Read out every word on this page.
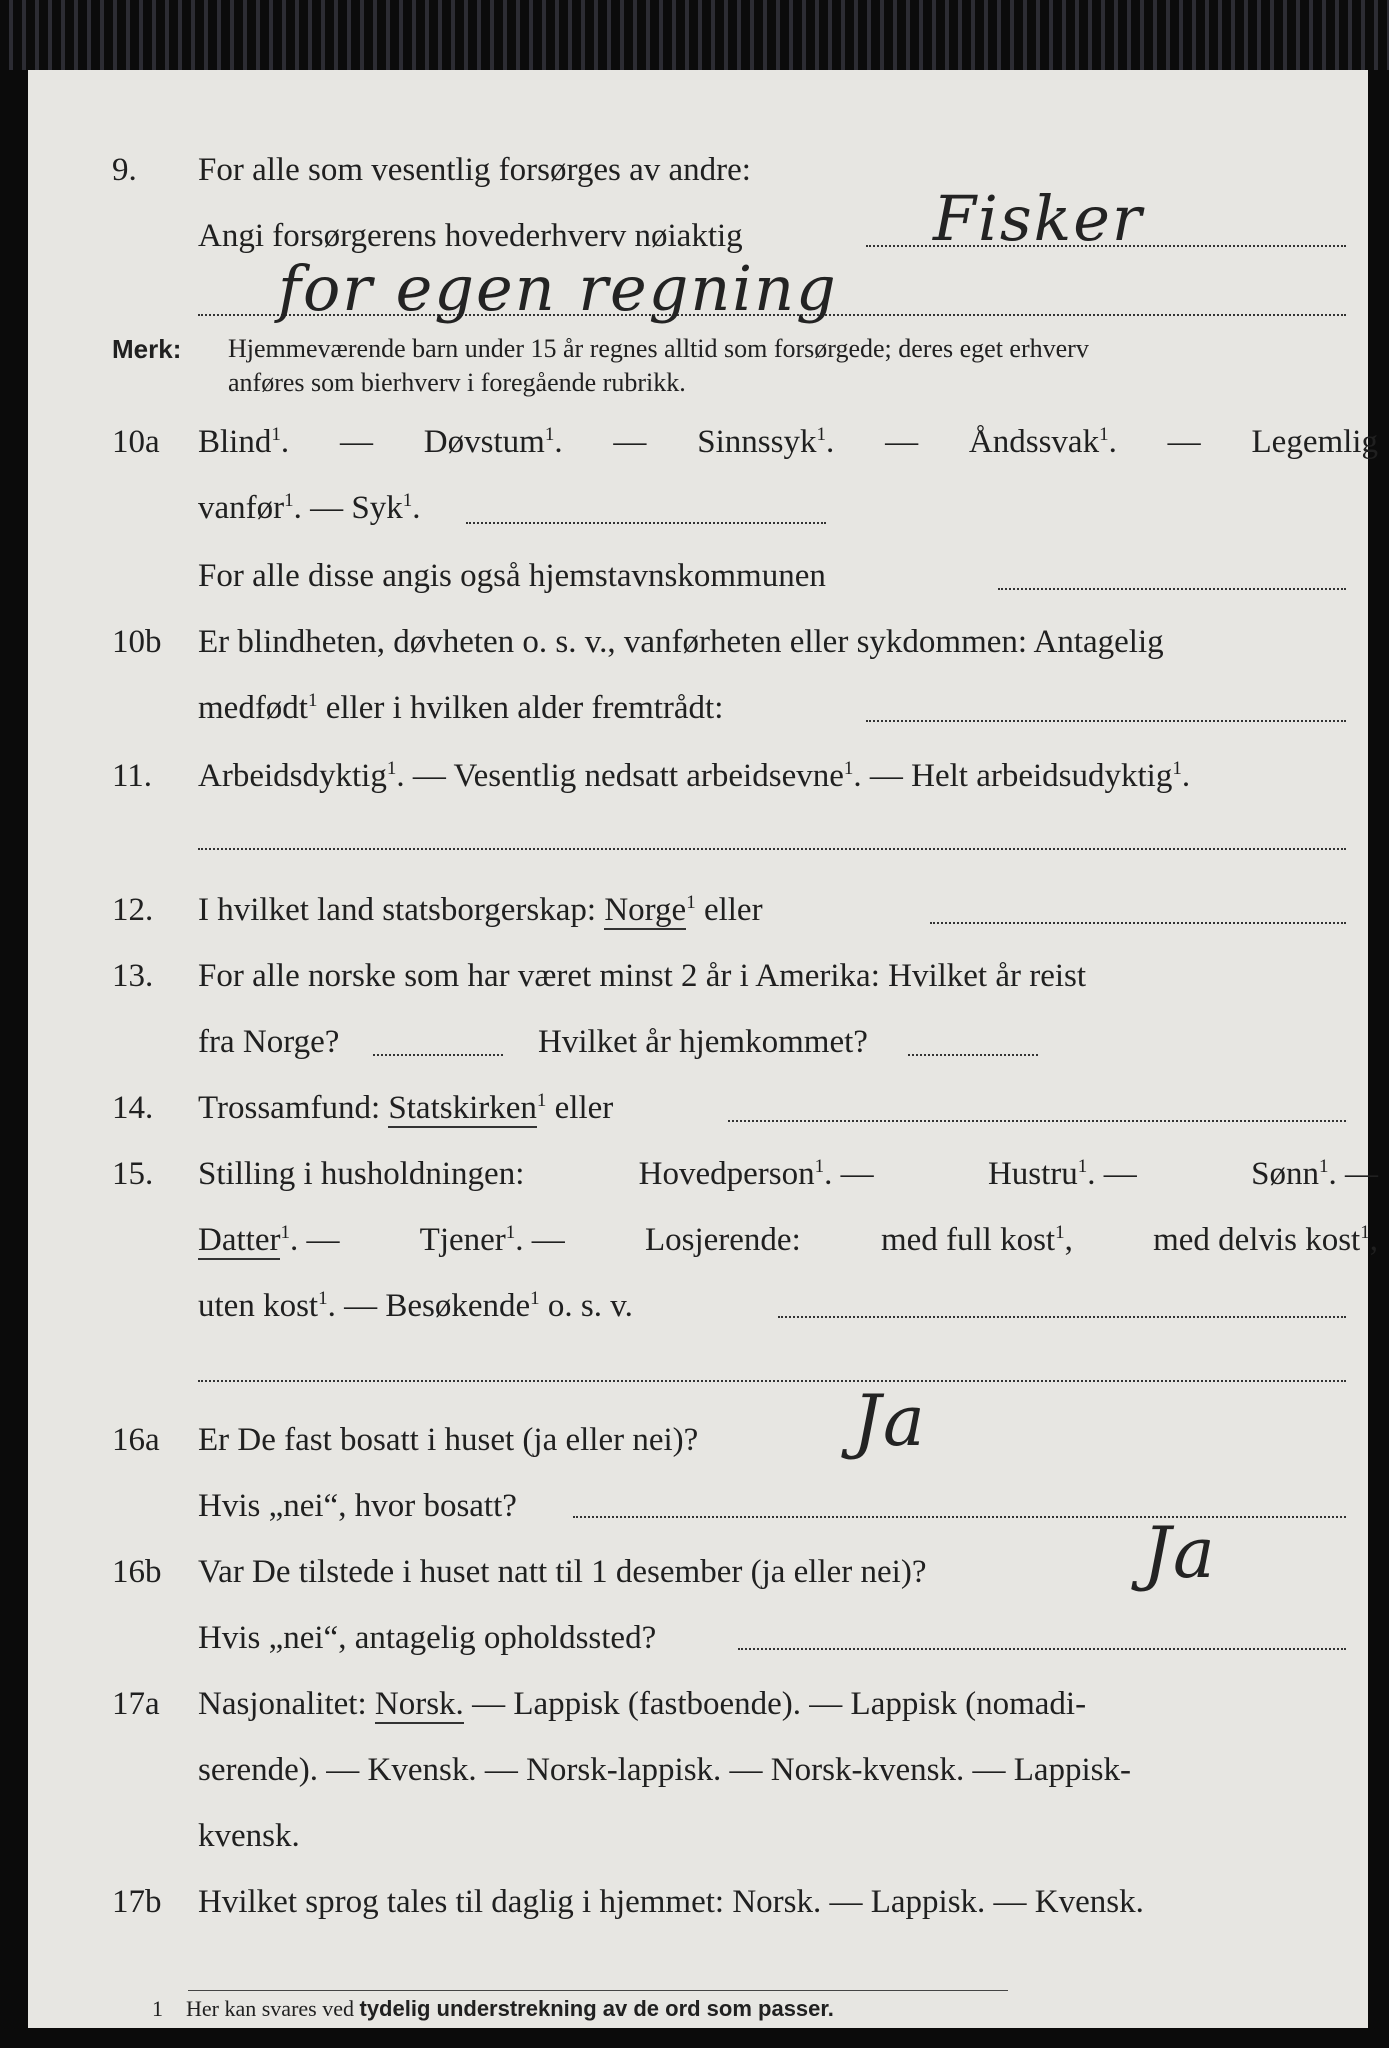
9. For alle som vesentlig forsørges av andre:
Angi forsørgerens hovederhverv nøiaktig	Fisker
for egen regning
Merk: Hjemmeværende barn under 15 år regnes alltid som forsørgede; deres eget erhverv
anføres som bierhverv i foregående rubrikk.
10a Blind$^1$. — Døvstum$^1$. — Sinnssyk$^1$. — Åndssvak$^1$. — Legemlig
vanfør$^1$. — Syk$^1$.
For alle disse angis også hjemstavnskommunen
10b Er blindheten, døvheten o. s. v., vanførheten eller sykdommen: Antagelig
medfødt$^1$ eller i hvilken alder fremtrådt:
11. Arbeidsdyktig$^1$. — Vesentlig nedsatt arbeidsevne$^1$. — Helt arbeidsudyktig$^1$.
12. I hvilket land statsborgerskap: Norge$^1$ eller
13. For alle norske som har været minst 2 år i Amerika: Hvilket år reist
fra Norge?	Hvilket år hjemkommet?
14. Trossamfund: Statskirken$^1$ eller
15. Stilling i husholdningen:	Hovedperson$^1$. —	Hustru$^1$. —	Sønn$^1$. —
Datter$^1$. — Tjener$^1$. — Losjerende: med full kost$^1$, med delvis kost$^1$,
uten kost$^1$. — Besøkende$^1$ o. s. v.
16a Er De fast bosatt i huset (ja eller nei)? Ja
Hvis „nei“, hvor bosatt?
16b Var De tilstede i huset natt til 1 desember (ja eller nei)?	Ja
Hvis „nei“, antagelig opholdssted?
17a Nasjonalitet: Norsk. — Lappisk (fastboende). — Lappisk (nomadi-
serende). — Kvensk. — Norsk-lappisk. — Norsk-kvensk. — Lappisk-
kvensk.
17b Hvilket sprog tales til daglig i hjemmet: Norsk. — Lappisk. — Kvensk.
1 Her kan svares ved tydelig understrekning av de ord som passer.
